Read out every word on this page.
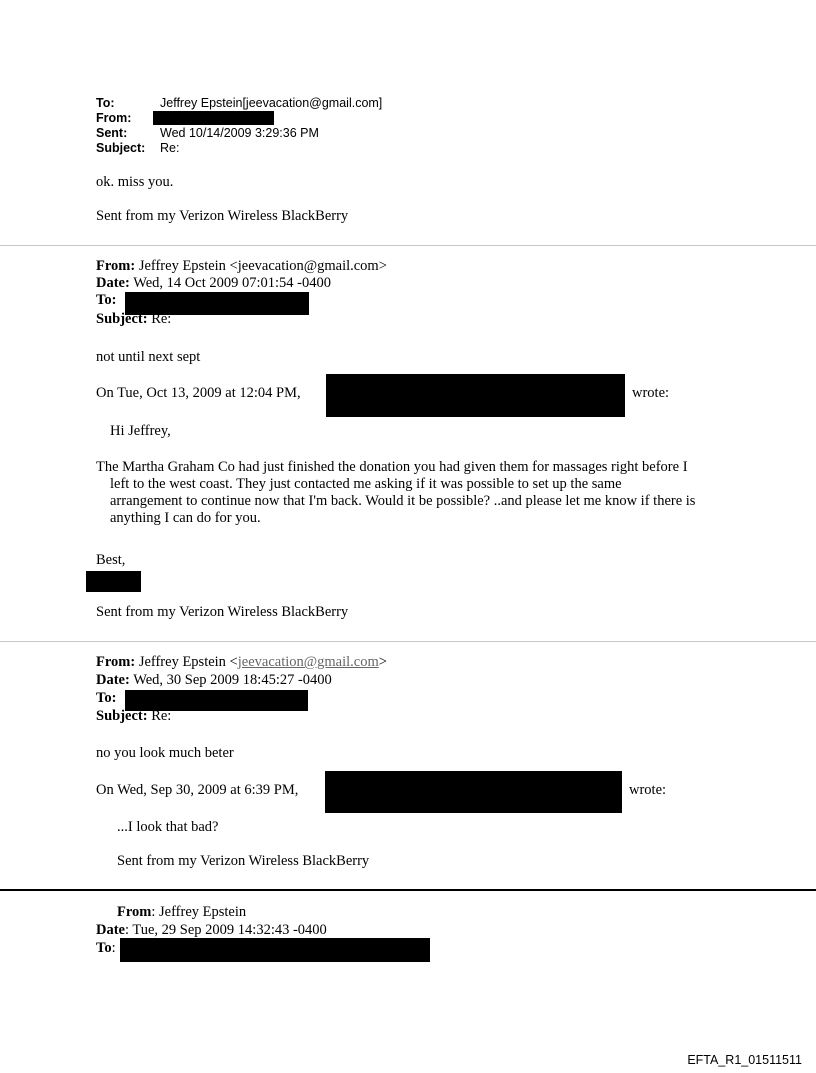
To:	Jeffrey Epstein[jeevacation@gmail.com]
From:
Sent:	Wed 10/14/2009 3:29:36 PM
Subject: Re:
ok. miss you.
Sent from my Verizon Wireless BlackBerry
From: Jeffrey Epstein <jeevacation@gmail.com>
Date: Wed, 14 Oct 2009 07:01:54 -0400
To:
Subject: Re:
not until next sept
On Tue, Oct 13, 2009 at 12:04 PM,	wrote:
Hi Jeffrey,
The Martha Graham Co had just finished the donation you had given them for massages right before I left to the west coast. They just contacted me asking if it was possible to set up the same arrangement to continue now that I'm back. Would it be possible? ..and please let me know if there is anything I can do for you.
Best,
Sent from my Verizon Wireless BlackBerry
From: Jeffrey Epstein <jeevacation@gmail.com>
Date: Wed, 30 Sep 2009 18:45:27 -0400
To:
Subject: Re:
no you look much beter
On Wed, Sep 30, 2009 at 6:39 PM,	wrote:
...I look that bad?
Sent from my Verizon Wireless BlackBerry
From: Jeffrey Epstein
Date: Tue, 29 Sep 2009 14:32:43 -0400
To:
EFTA_R1_01511511
